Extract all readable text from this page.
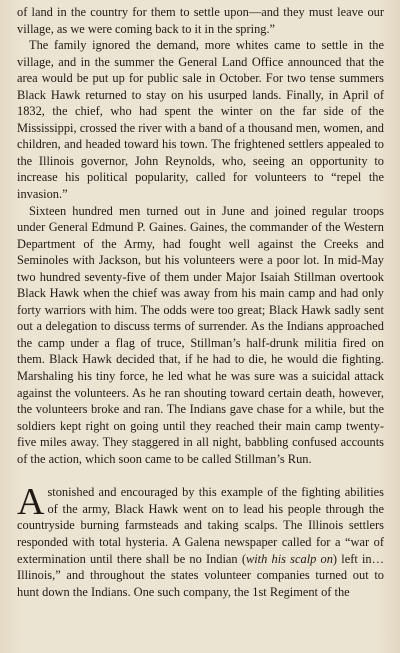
of land in the country for them to settle upon—and they must leave our village, as we were coming back to it in the spring.”

The family ignored the demand, more whites came to settle in the village, and in the summer the General Land Office announced that the area would be put up for public sale in October. For two tense summers Black Hawk returned to stay on his usurped lands. Finally, in April of 1832, the chief, who had spent the winter on the far side of the Mississippi, crossed the river with a band of a thousand men, women, and children, and headed toward his town. The frightened settlers appealed to the Illinois governor, John Reynolds, who, seeing an opportunity to increase his political popularity, called for volunteers to “repel the invasion.”

Sixteen hundred men turned out in June and joined regular troops under General Edmund P. Gaines. Gaines, the commander of the Western Department of the Army, had fought well against the Creeks and Seminoles with Jackson, but his volunteers were a poor lot. In mid-May two hundred seventy-five of them under Major Isaiah Stillman overtook Black Hawk when the chief was away from his main camp and had only forty warriors with him. The odds were too great; Black Hawk sadly sent out a delegation to discuss terms of surrender. As the Indians approached the camp under a flag of truce, Stillman’s half-drunk militia fired on them. Black Hawk decided that, if he had to die, he would die fighting. Marshaling his tiny force, he led what he was sure was a suicidal attack against the volunteers. As he ran shouting toward certain death, however, the volunteers broke and ran. The Indians gave chase for a while, but the soldiers kept right on going until they reached their main camp twenty-five miles away. They staggered in all night, babbling confused accounts of the action, which soon came to be called Stillman’s Run.

Astonished and encouraged by this example of the fighting abilities of the army, Black Hawk went on to lead his people through the countryside burning farmsteads and taking scalps. The Illinois settlers responded with total hysteria. A Galena newspaper called for a “war of extermination until there shall be no Indian (with his scalp on) left in… Illinois,” and throughout the states volunteer companies turned out to hunt down the Indians. One such company, the 1st Regiment of the
